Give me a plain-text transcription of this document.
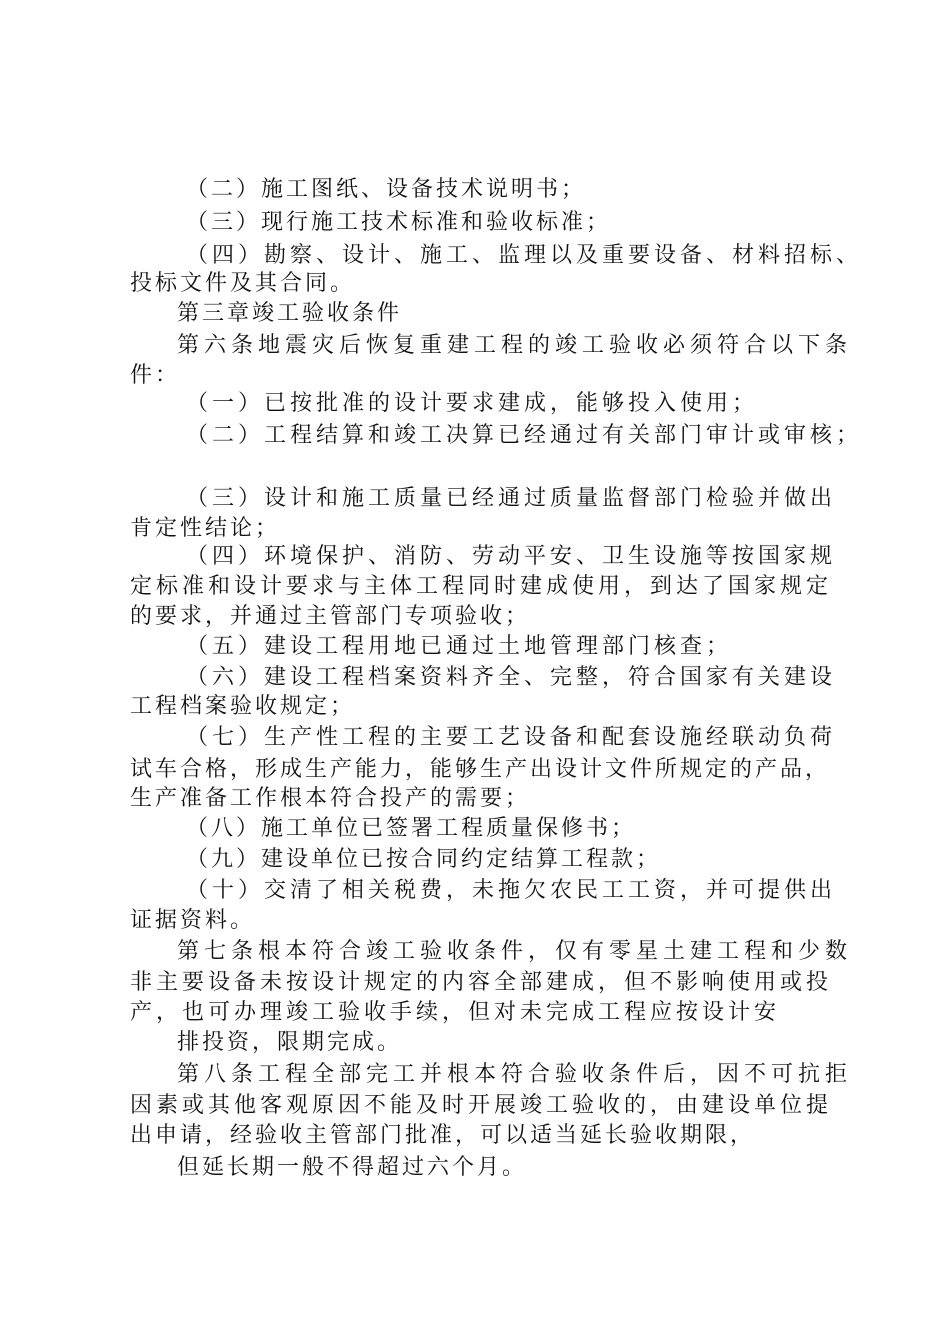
（二）施工图纸、设备技术说明书；

（三）现行施工技术标准和验收标准；

（四）勘察、设计、施工、监理以及重要设备、材料招标、

投标文件及其合同。

第三章竣工验收条件

第六条地震灾后恢复重建工程的竣工验收必须符合以下条

件：

（一）已按批准的设计要求建成，能够投入使用；

（二）工程结算和竣工决算已经通过有关部门审计或审核；

（三）设计和施工质量已经通过质量监督部门检验并做出

肯定性结论；

（四）环境保护、消防、劳动平安、卫生设施等按国家规

定标准和设计要求与主体工程同时建成使用，到达了国家规定

的要求，并通过主管部门专项验收；

（五）建设工程用地已通过土地管理部门核查；

（六）建设工程档案资料齐全、完整，符合国家有关建设

工程档案验收规定；

（七）生产性工程的主要工艺设备和配套设施经联动负荷

试车合格，形成生产能力，能够生产出设计文件所规定的产品，

生产准备工作根本符合投产的需要；

（八）施工单位已签署工程质量保修书；

（九）建设单位已按合同约定结算工程款；

（十）交清了相关税费，未拖欠农民工工资，并可提供出

证据资料。

第七条根本符合竣工验收条件，仅有零星土建工程和少数

非主要设备未按设计规定的内容全部建成，但不影响使用或投

产，也可办理竣工验收手续，但对未完成工程应按设计安

排投资，限期完成。

第八条工程全部完工并根本符合验收条件后，因不可抗拒

因素或其他客观原因不能及时开展竣工验收的，由建设单位提

出申请，经验收主管部门批准，可以适当延长验收期限，

但延长期一般不得超过六个月。
